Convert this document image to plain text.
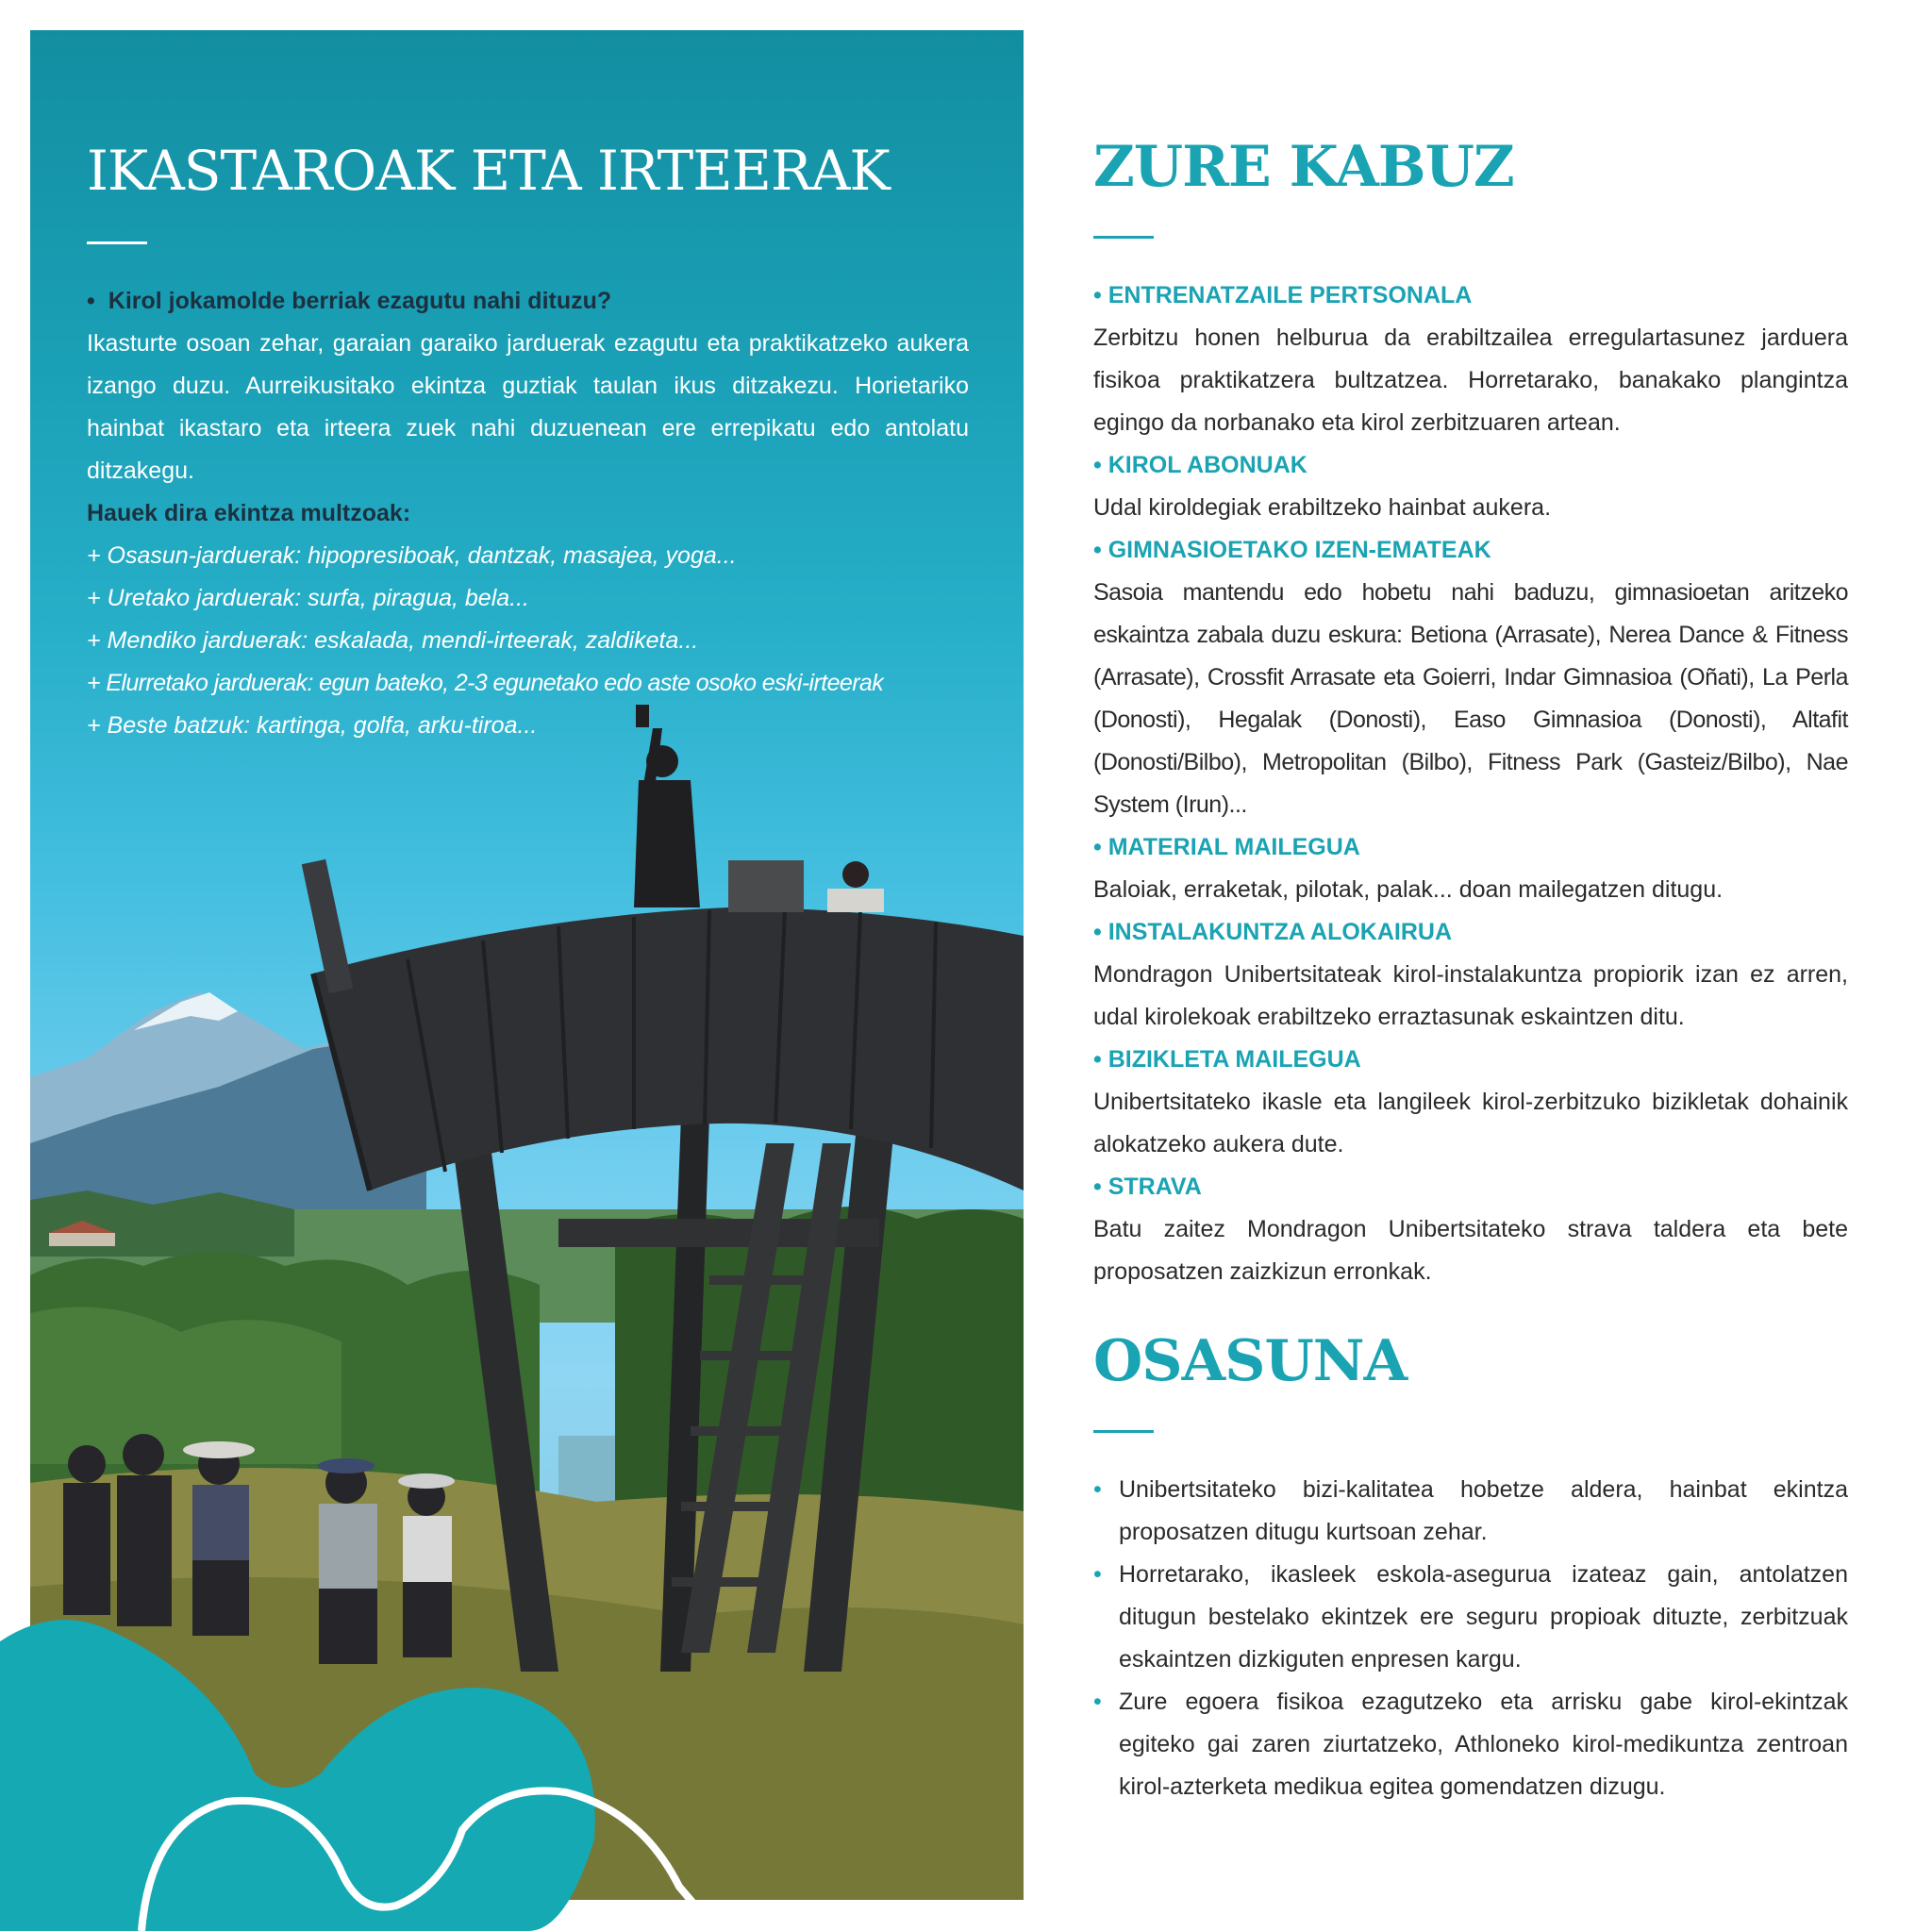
IKASTAROAK ETA IRTEERAK

• Kirol jokamolde berriak ezagutu nahi dituzu?

Ikasturte osoan zehar, garaian garaiko jarduerak ezagutu eta praktikatzeko aukera izango duzu. Aurreikusitako ekintza guztiak taulan ikus ditzakezu. Horietariko hainbat ikastaro eta irteera zuek nahi duzuenean ere errepikatu edo antolatu ditzakegu.

Hauek dira ekintza multzoak:

+ Osasun-jarduerak: hipopresiboak, dantzak, masajea, yoga...

+ Uretako jarduerak: surfa, piragua, bela...

+ Mendiko jarduerak: eskalada, mendi-irteerak, zaldiketa...

+ Elurretako jarduerak: egun bateko, 2-3 egunetako edo aste osoko eski-irteerak

+ Beste batzuk: kartinga, golfa, arku-tiroa...

ZURE KABUZ

• ENTRENATZAILE PERTSONALA

Zerbitzu honen helburua da erabiltzailea erregulartasunez jarduera fisikoa praktikatzera bultzatzea. Horretarako, banakako plangintza egingo da norbanako eta kirol zerbitzuaren artean.

• KIROL ABONUAK

Udal kiroldegiak erabiltzeko hainbat aukera.

• GIMNASIOETAKO IZEN-EMATEAK

Sasoia mantendu edo hobetu nahi baduzu, gimnasioetan aritzeko eskaintza zabala duzu eskura: Betiona (Arrasate), Nerea Dance & Fitness (Arrasate), Crossfit Arrasate eta Goierri, Indar Gimnasioa (Oñati), La Perla (Donosti), Hegalak (Donosti), Easo Gimnasioa (Donosti), Altafit (Donosti/Bilbo), Metropolitan (Bilbo), Fitness Park (Gasteiz/Bilbo), Nae System (Irun)...

• MATERIAL MAILEGUA

Baloiak, erraketak, pilotak, palak... doan mailegatzen ditugu.

• INSTALAKUNTZA ALOKAIRUA

Mondragon Unibertsitateak kirol-instalakuntza propiorik izan ez arren, udal kirolekoak erabiltzeko erraztasunak eskaintzen ditu.

• BIZIKLETA MAILEGUA

Unibertsitateko ikasle eta langileek kirol-zerbitzuko bizikletak dohainik alokatzeko aukera dute.

• STRAVA

Batu zaitez Mondragon Unibertsitateko strava taldera eta bete proposatzen zaizkizun erronkak.

OSASUNA
• Unibertsitateko bizi-kalitatea hobetze aldera, hainbat ekintza proposatzen ditugu kurtsoan zehar.
• Horretarako, ikasleek eskola-asegurua izateaz gain, antolatzen ditugun bestelako ekintzek ere seguru propioak dituzte, zerbitzuak eskaintzen dizkiguten enpresen kargu.
• Zure egoera fisikoa ezagutzeko eta arrisku gabe kirol-ekintzak egiteko gai zaren ziurtatzeko, Athloneko kirol-medikuntza zentroan kirol-azterketa medikua egitea gomendatzen dizugu.
